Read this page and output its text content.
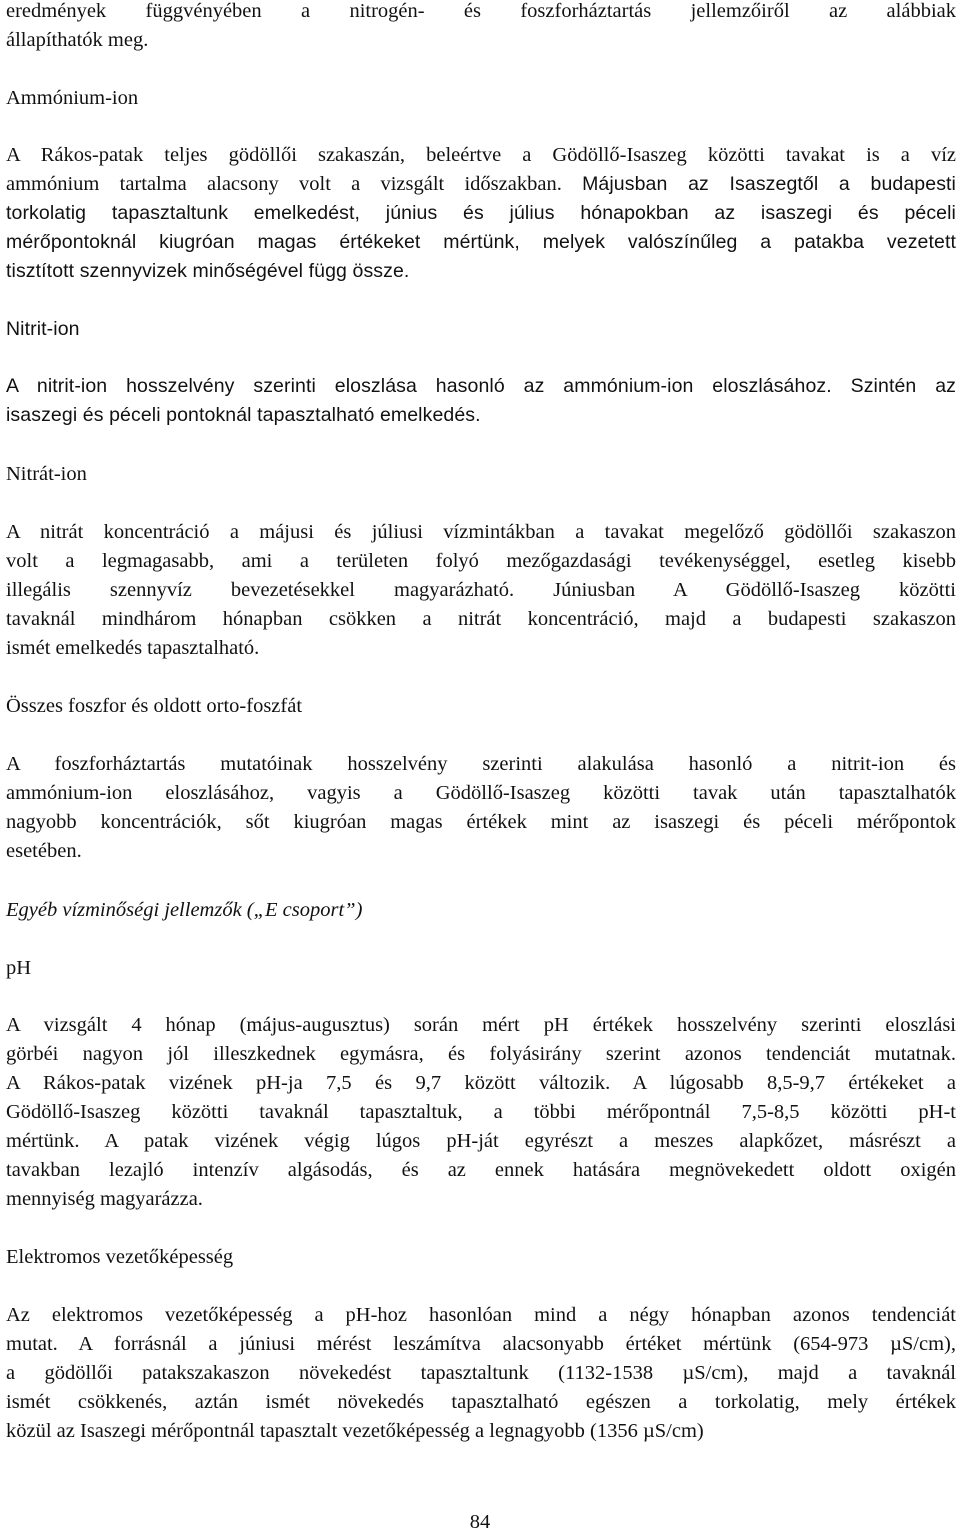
eredmények függvényében a nitrogén- és foszforháztartás jellemzőiről az alábbiak
állapíthatók meg.
Ammónium-ion
A Rákos-patak teljes gödöllői szakaszán, beleértve a Gödöllő-Isaszeg közötti tavakat is a víz
ammónium tartalma alacsony volt a vizsgált időszakban. Májusban az Isaszegtől a budapesti
torkolatig tapasztaltunk emelkedést, június és július hónapokban az isaszegi és péceli
mérőpontoknál kiugróan magas értékeket mértünk, melyek valószínűleg a patakba vezetett
tisztított szennyvizek minőségével függ össze.
Nitrit-ion
A nitrit-ion hosszelvény szerinti eloszlása hasonló az ammónium-ion eloszlásához. Szintén az
isaszegi és péceli pontoknál tapasztalható emelkedés.
Nitrát-ion
A nitrát koncentráció a májusi és júliusi vízmintákban a tavakat megelőző gödöllői szakaszon
volt a legmagasabb, ami a területen folyó mezőgazdasági tevékenységgel, esetleg kisebb
illegális szennyvíz bevezetésekkel magyarázható. Júniusban A Gödöllő-Isaszeg közötti
tavaknál mindhárom hónapban csökken a nitrát koncentráció, majd a budapesti szakaszon
ismét emelkedés tapasztalható.
Összes foszfor és oldott orto-foszfát
A foszforháztartás mutatóinak hosszelvény szerinti alakulása hasonló a nitrit-ion és
ammónium-ion eloszlásához, vagyis a Gödöllő-Isaszeg közötti tavak után tapasztalhatók
nagyobb koncentrációk, sőt kiugróan magas értékek mint az isaszegi és péceli mérőpontok
esetében.
Egyéb vízminőségi jellemzők („E csoport”)
pH
A vizsgált 4 hónap (május-augusztus) során mért pH értékek hosszelvény szerinti eloszlási
görbéi nagyon jól illeszkednek egymásra, és folyásirány szerint azonos tendenciát mutatnak.
A Rákos-patak vizének pH-ja 7,5 és 9,7 között változik. A lúgosabb 8,5-9,7 értékeket a
Gödöllő-Isaszeg közötti tavaknál tapasztaltuk, a többi mérőpontnál 7,5-8,5 közötti pH-t
mértünk. A patak vizének végig lúgos pH-ját egyrészt a meszes alapkőzet, másrészt a
tavakban lezajló intenzív algásodás, és az ennek hatására megnövekedett oldott oxigén
mennyiség magyarázza.
Elektromos vezetőképesség
Az elektromos vezetőképesség a pH-hoz hasonlóan mind a négy hónapban azonos tendenciát
mutat. A forrásnál a júniusi mérést leszámítva alacsonyabb értéket mértünk (654-973 µS/cm),
a gödöllői patakszakaszon növekedést tapasztaltunk (1132-1538 µS/cm), majd a tavaknál
ismét csökkenés, aztán ismét növekedés tapasztalható egészen a torkolatig, mely értékek
közül az Isaszegi mérőpontnál tapasztalt vezetőképesség a legnagyobb (1356 µS/cm)
84
